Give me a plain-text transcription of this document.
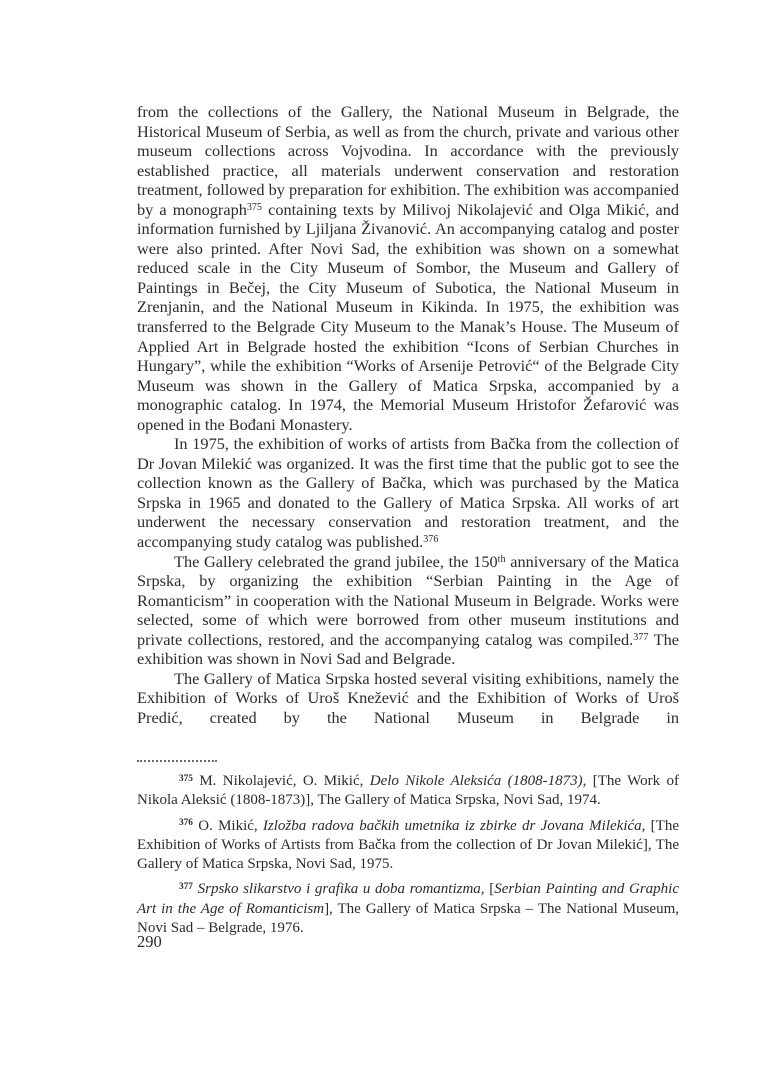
from the collections of the Gallery, the National Museum in Belgrade, the Historical Museum of Serbia, as well as from the church, private and various other museum collections across Vojvodina. In accordance with the previously established practice, all materials underwent conservation and restoration treatment, followed by preparation for exhibition. The exhibition was accompanied by a monograph$^{375}$ containing texts by Milivoj Nikolajević and Olga Mikić, and information furnished by Ljiljana Živanović. An accompanying catalog and poster were also printed. After Novi Sad, the exhibition was shown on a somewhat reduced scale in the City Museum of Sombor, the Museum and Gallery of Paintings in Bečej, the City Museum of Subotica, the National Museum in Zrenjanin, and the National Museum in Kikinda. In 1975, the exhibition was transferred to the Belgrade City Museum to the Manak’s House. The Museum of Applied Art in Belgrade hosted the exhibition “Icons of Serbian Churches in Hungary”, while the exhibition “Works of Arsenije Petrović“ of the Belgrade City Museum was shown in the Gallery of Matica Srpska, accompanied by a monographic catalog. In 1974, the Memorial Museum Hristofor Žefarović was opened in the Bođani Monastery.

In 1975, the exhibition of works of artists from Bačka from the collection of Dr Jovan Milekić was organized. It was the first time that the public got to see the collection known as the Gallery of Bačka, which was purchased by the Matica Srpska in 1965 and donated to the Gallery of Matica Srpska. All works of art underwent the necessary conservation and restoration treatment, and the accompanying study catalog was published.$^{376}$

The Gallery celebrated the grand jubilee, the 150th anniversary of the Matica Srpska, by organizing the exhibition “Serbian Painting in the Age of Romanticism” in cooperation with the National Museum in Belgrade. Works were selected, some of which were borrowed from other museum institutions and private collections, restored, and the accompanying catalog was compiled.$^{377}$ The exhibition was shown in Novi Sad and Belgrade.

The Gallery of Matica Srpska hosted several visiting exhibitions, namely the Exhibition of Works of Uroš Knežević and the Exhibition of Works of Uroš Predić, created by the National Museum in Belgrade in

$^{375}$ M. Nikolajević, O. Mikić, Delo Nikole Aleksića (1808-1873), [The Work of Nikola Aleksić (1808-1873)], The Gallery of Matica Srpska, Novi Sad, 1974.

$^{376}$ O. Mikić, Izložba radova bačkih umetnika iz zbirke dr Jovana Milekića, [The Exhibition of Works of Artists from Bačka from the collection of Dr Jovan Milekić], The Gallery of Matica Srpska, Novi Sad, 1975.

$^{377}$ Srpsko slikarstvo i grafika u doba romantizma, [Serbian Painting and Graphic Art in the Age of Romanticism], The Gallery of Matica Srpska – The National Museum, Novi Sad – Belgrade, 1976.

290
